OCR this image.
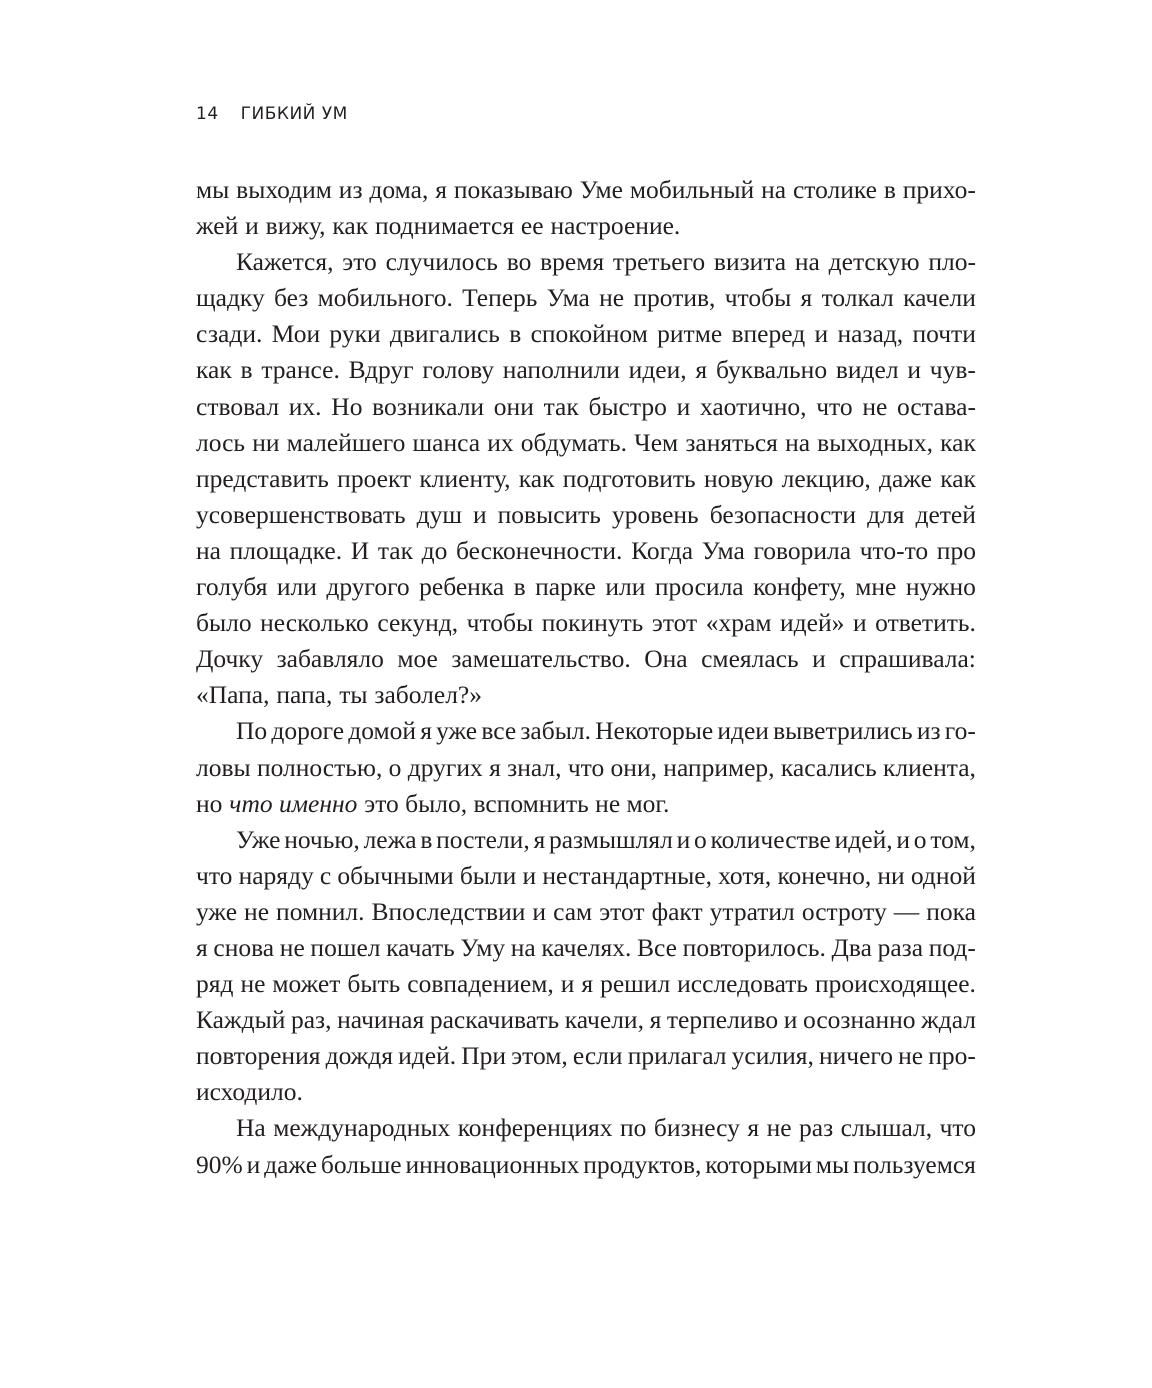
14 ГИБКИЙ УМ
мы выходим из дома, я показываю Уме мобильный на столике в прихо-
жей и вижу, как поднимается ее настроение.
Кажется, это случилось во время третьего визита на детскую пло-
щадку без мобильного. Теперь Ума не против, чтобы я толкал качели
сзади. Мои руки двигались в спокойном ритме вперед и назад, почти
как в трансе. Вдруг голову наполнили идеи, я буквально видел и чув-
ствовал их. Но возникали они так быстро и хаотично, что не остава-
лось ни малейшего шанса их обдумать. Чем заняться на выходных, как
представить проект клиенту, как подготовить новую лекцию, даже как
усовершенствовать душ и повысить уровень безопасности для детей
на площадке. И так до бесконечности. Когда Ума говорила что-то про
голубя или другого ребенка в парке или просила конфету, мне нужно
было несколько секунд, чтобы покинуть этот «храм идей» и ответить.
Дочку забавляло мое замешательство. Она смеялась и спрашивала:
«Папа, папа, ты заболел?»
По дороге домой я уже все забыл. Некоторые идеи выветрились из го-
ловы полностью, о других я знал, что они, например, касались клиента,
но что именно это было, вспомнить не мог.
Уже ночью, лежа в постели, я размышлял и о количестве идей, и о том,
что наряду с обычными были и нестандартные, хотя, конечно, ни одной
уже не помнил. Впоследствии и сам этот факт утратил остроту — пока
я снова не пошел качать Уму на качелях. Все повторилось. Два раза под-
ряд не может быть совпадением, и я решил исследовать происходящее.
Каждый раз, начиная раскачивать качели, я терпеливо и осознанно ждал
повторения дождя идей. При этом, если прилагал усилия, ничего не про-
исходило.
На международных конференциях по бизнесу я не раз слышал, что
90% и даже больше инновационных продуктов, которыми мы пользуемся
